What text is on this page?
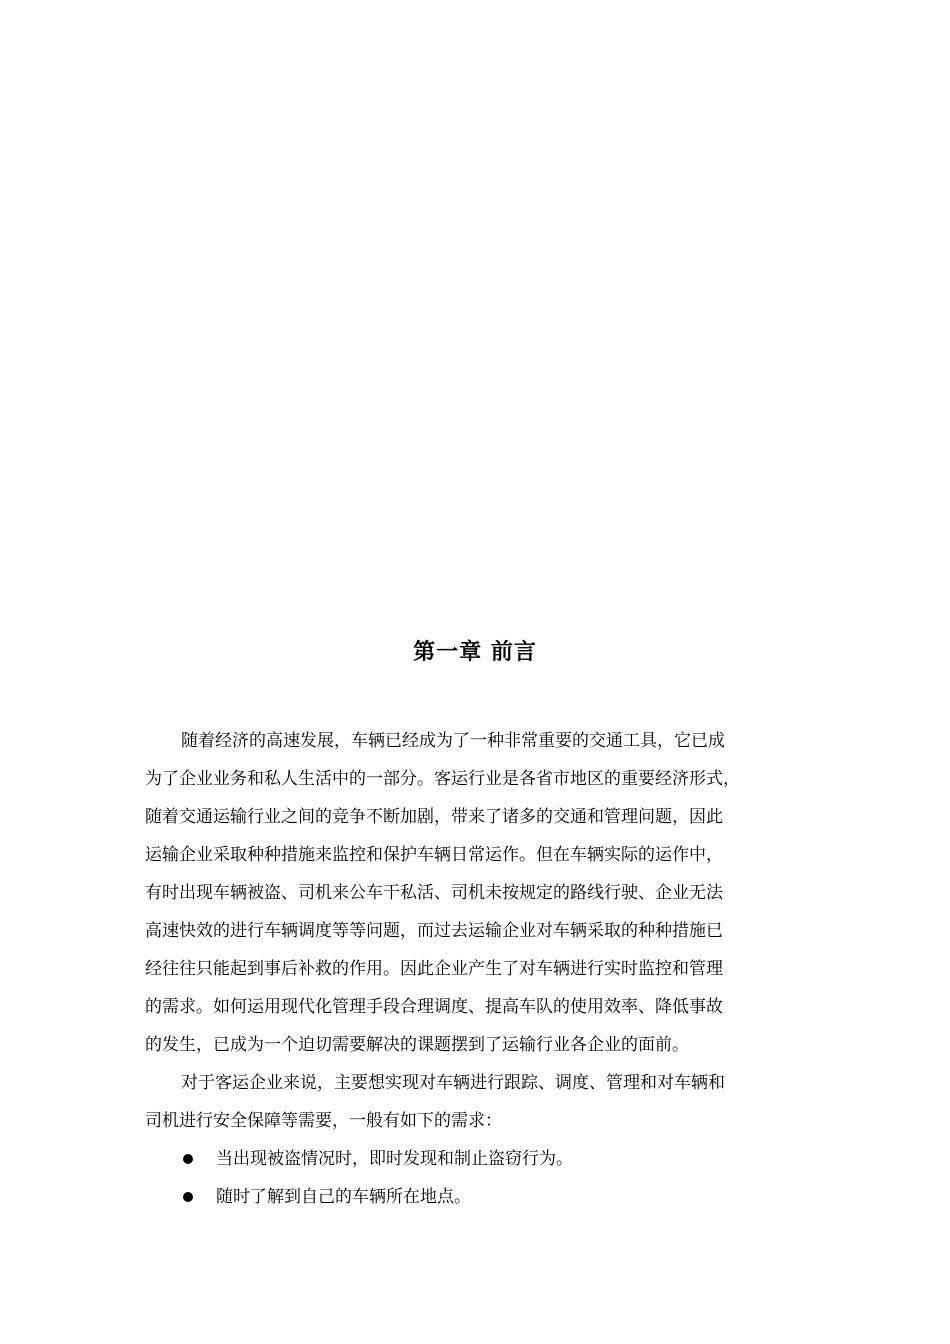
第一章 前言
随着经济的高速发展，车辆已经成为了一种非常重要的交通工具，它已成
为了企业业务和私人生活中的一部分。客运行业是各省市地区的重要经济形式，
随着交通运输行业之间的竞争不断加剧，带来了诸多的交通和管理问题，因此
运输企业采取种种措施来监控和保护车辆日常运作。但在车辆实际的运作中，
有时出现车辆被盗、司机来公车干私活、司机未按规定的路线行驶、企业无法
高速快效的进行车辆调度等等问题，而过去运输企业对车辆采取的种种措施已
经往往只能起到事后补救的作用。因此企业产生了对车辆进行实时监控和管理
的需求。如何运用现代化管理手段合理调度、提高车队的使用效率、降低事故
的发生，已成为一个迫切需要解决的课题摆到了运输行业各企业的面前。
对于客运企业来说，主要想实现对车辆进行跟踪、调度、管理和对车辆和
司机进行安全保障等需要，一般有如下的需求：
当出现被盗情况时，即时发现和制止盗窃行为。
随时了解到自己的车辆所在地点。
